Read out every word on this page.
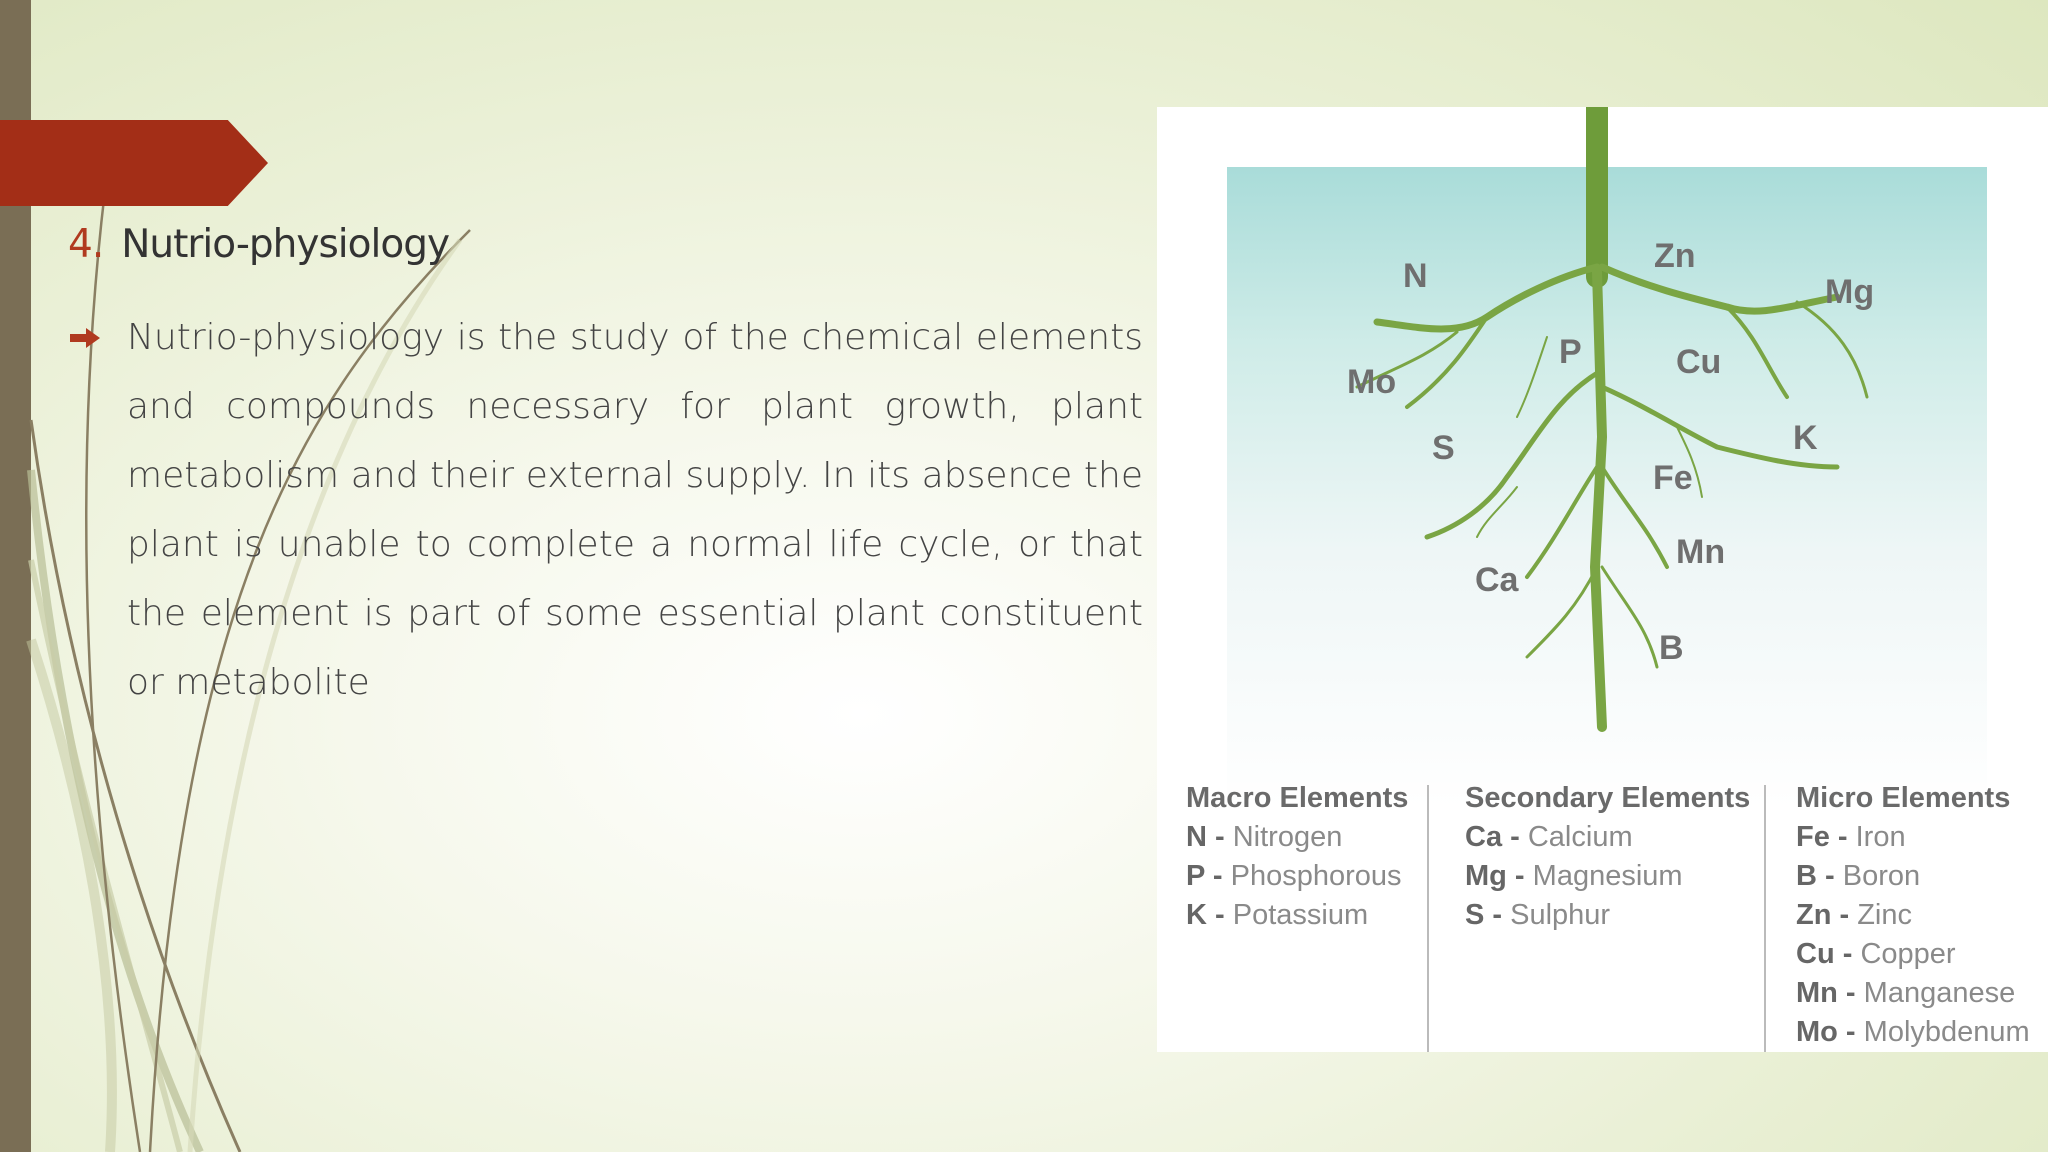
4. Nutrio-physiology
Nutrio-physiology is the study of the chemical elements and compounds necessary for plant growth, plant metabolism and their external supply. In its absence the plant is unable to complete a normal life cycle, or that the element is part of some essential plant constituent or metabolite
N
Zn
Mg
Mo
P	Cu
S	K
Fe
Mn
Ca
B
Macro Elements
N - Nitrogen
P - Phosphorous
K - Potassium
Secondary Elements
Ca - Calcium
Mg - Magnesium
S - Sulphur
Micro Elements
Fe - Iron
B - Boron
Zn - Zinc
Cu - Copper
Mn - Manganese
Mo - Molybdenum
